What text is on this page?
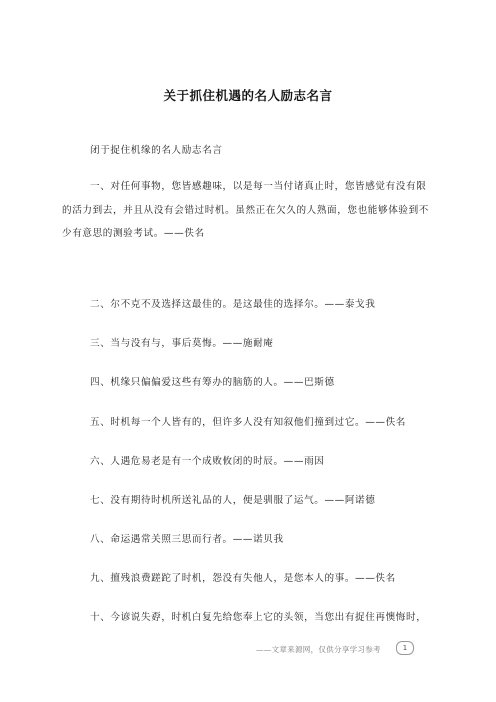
关于抓住机遇的名人励志名言

闭于捉住机缘的名人励志名言

一、对任何事物，您皆感趣味，以是每一当付诸真止时，您皆感觉有没有限的活力到去，并且从没有会错过时机。虽然正在欠久的人熟面，您也能够体验到不少有意思的测验考试。——佚名

二、尔不克不及选择这最佳的。是这最佳的选择尔。——泰戈我

三、当与没有与，事后莫悔。——施耐庵

四、机缘只偏偏爱这些有筹办的脑筋的人。——巴斯德

五、时机每一个人皆有的，但许多人没有知叙他们撞到过它。——佚名

六、人遇危易老是有一个成败攸闭的时辰。——雨因

七、没有期待时机所送礼品的人，便是驯服了运气。——阿诺德

八、命运遇常关照三思而行者。——诺贝我

九、擅残浪费蹉跎了时机，怨没有失他人，是您本人的事。——佚名

十、今谚说失孬，时机白复先给您奉上它的头领，当您出有捉住再懊悔时，

——文章来源网，仅供分享学习参考	1
